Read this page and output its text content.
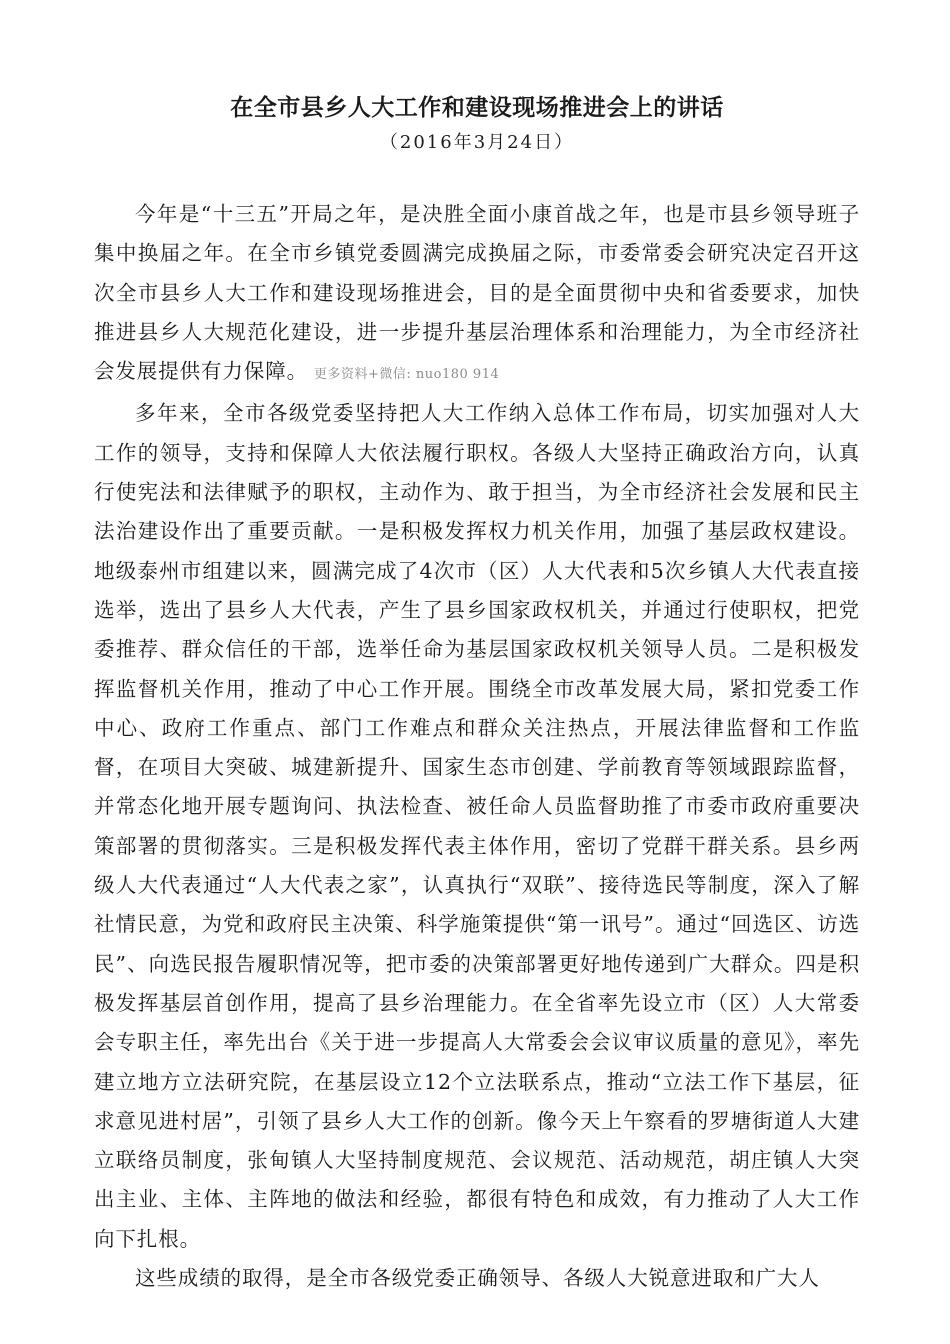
在全市县乡人大工作和建设现场推进会上的讲话
（2016年3月24日）

今年是“十三五”开局之年，是决胜全面小康首战之年，也是市县乡领导班子集中换届之年。在全市乡镇党委圆满完成换届之际，市委常委会研究决定召开这次全市县乡人大工作和建设现场推进会，目的是全面贯彻中央和省委要求，加快推进县乡人大规范化建设，进一步提升基层治理体系和治理能力，为全市经济社会发展提供有力保障。 更多资料+微信: nuo180 914

多年来，全市各级党委坚持把人大工作纳入总体工作布局，切实加强对人大工作的领导，支持和保障人大依法履行职权。各级人大坚持正确政治方向，认真行使宪法和法律赋予的职权，主动作为、敢于担当，为全市经济社会发展和民主法治建设作出了重要贡献。一是积极发挥权力机关作用，加强了基层政权建设。地级泰州市组建以来，圆满完成了4次市（区）人大代表和5次乡镇人大代表直接选举，选出了县乡人大代表，产生了县乡国家政权机关，并通过行使职权，把党委推荐、群众信任的干部，选举任命为基层国家政权机关领导人员。二是积极发挥监督机关作用，推动了中心工作开展。围绕全市改革发展大局，紧扣党委工作中心、政府工作重点、部门工作难点和群众关注热点，开展法律监督和工作监督，在项目大突破、城建新提升、国家生态市创建、学前教育等领域跟踪监督，并常态化地开展专题询问、执法检查、被任命人员监督助推了市委市政府重要决策部署的贯彻落实。三是积极发挥代表主体作用，密切了党群干群关系。县乡两级人大代表通过“人大代表之家”，认真执行“双联”、接待选民等制度，深入了解社情民意，为党和政府民主决策、科学施策提供“第一讯号”。通过“回选区、访选民”、向选民报告履职情况等，把市委的决策部署更好地传递到广大群众。四是积极发挥基层首创作用，提高了县乡治理能力。在全省率先设立市（区）人大常委会专职主任，率先出台《关于进一步提高人大常委会会议审议质量的意见》，率先建立地方立法研究院，在基层设立12个立法联系点，推动“立法工作下基层，征求意见进村居”，引领了县乡人大工作的创新。像今天上午察看的罗塘街道人大建立联络员制度，张甸镇人大坚持制度规范、会议规范、活动规范，胡庄镇人大突出主业、主体、主阵地的做法和经验，都很有特色和成效，有力推动了人大工作向下扎根。

这些成绩的取得，是全市各级党委正确领导、各级人大锐意进取和广大人
